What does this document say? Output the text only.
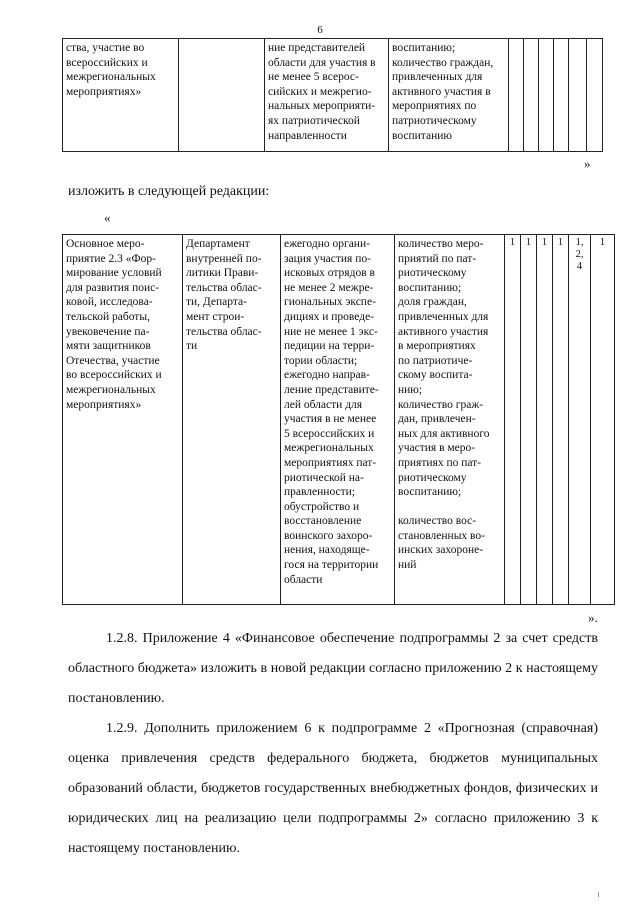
6
ства, участие во
всероссийских и
межрегиональных
мероприятиях»		ние представителей
области для участия в
не менее 5 всерос-
сийских и межрегио-
нальных мероприяти-
ях патриотической
направленности	воспитанию;
количество граждан,
привлеченных для
активного участия в
мероприятиях по
патриотическому
воспитанию						
»
изложить в следующей редакции:
«
Основное меро-
приятие 2.3 «Фор-
мирование условий
для развития поис-
ковой, исследова-
тельской работы,
увековечение па-
мяти защитников
Отечества, участие
во всероссийских и
межрегиональных
мероприятиях»	Департамент
внутренней по-
литики Прави-
тельства облас-
ти, Департа-
мент строи-
тельства облас-
ти	ежегодно органи-
зация участия по-
исковых отрядов в
не менее 2 межре-
гиональных экспе-
дициях и проведе-
ние не менее 1 экс-
педиции на терри-
тории области;
ежегодно направ-
ление представите-
лей области для
участия в не менее
5 всероссийских и
межрегиональных
мероприятиях пат-
риотической на-
правленности;
обустройство и
восстановление
воинского захоро-
нения, находяще-
гося на территории
области	количество меро-
приятий по пат-
риотическому
воспитанию;
доля граждан,
привлеченных для
активного участия
в мероприятиях
по патриотиче-
скому воспита-
нию;
количество граж-
дан, привлечен-
ных для активного
участия в меро-
приятиях по пат-
риотическому
воспитанию;

количество вос-
становленных во-
инских захороне-
ний	1	1	1	1	1,
2,
4	1
».
1.2.8. Приложение 4 «Финансовое обеспечение подпрограммы 2 за счет средств областного бюджета» изложить в новой редакции согласно приложению 2 к настоящему постановлению.
1.2.9. Дополнить приложением 6 к подпрограмме 2 «Прогнозная (справочная) оценка привлечения средств федерального бюджета, бюджетов муниципальных образований области, бюджетов государственных внебюджетных фондов, физических и юридических лиц на реализацию цели подпрограммы 2» согласно приложению 3 к настоящему постановлению.
